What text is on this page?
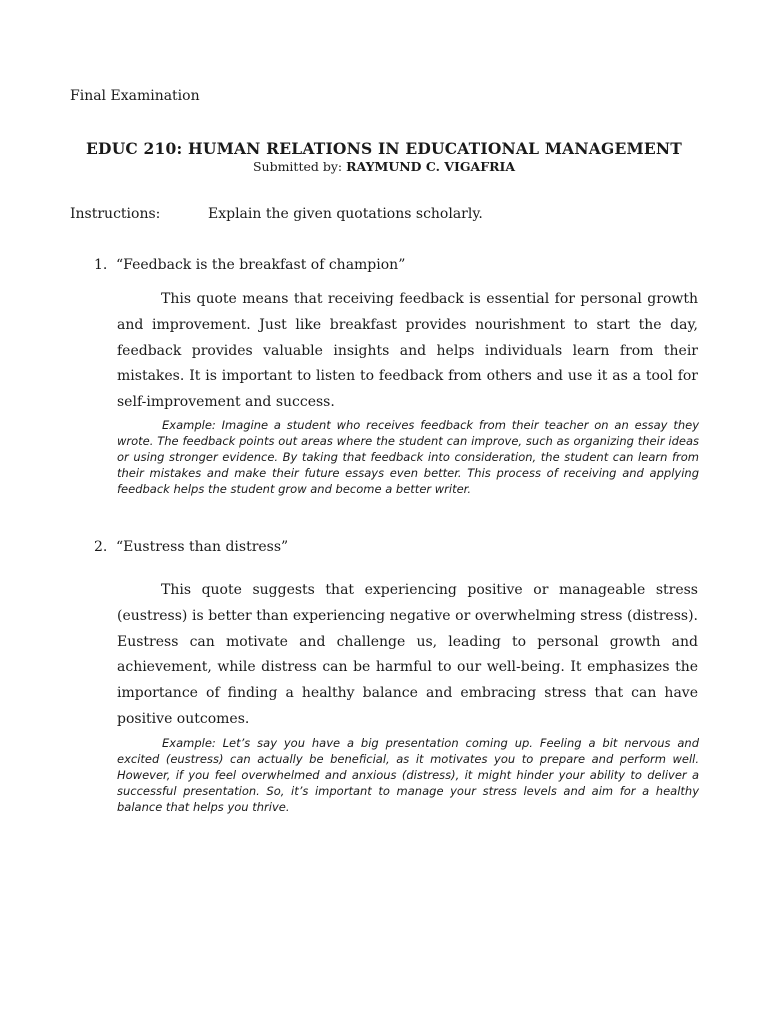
Final Examination
EDUC 210: HUMAN RELATIONS IN EDUCATIONAL MANAGEMENT
Submitted by: RAYMUND C. VIGAFRIA
Instructions:	Explain the given quotations scholarly.
1. “Feedback is the breakfast of champion”

This quote means that receiving feedback is essential for personal growth and improvement. Just like breakfast provides nourishment to start the day, feedback provides valuable insights and helps individuals learn from their mistakes. It is important to listen to feedback from others and use it as a tool for self-improvement and success.

Example: Imagine a student who receives feedback from their teacher on an essay they wrote. The feedback points out areas where the student can improve, such as organizing their ideas or using stronger evidence. By taking that feedback into consideration, the student can learn from their mistakes and make their future essays even better. This process of receiving and applying feedback helps the student grow and become a better writer.

2. “Eustress than distress”

This quote suggests that experiencing positive or manageable stress (eustress) is better than experiencing negative or overwhelming stress (distress). Eustress can motivate and challenge us, leading to personal growth and achievement, while distress can be harmful to our well-being. It emphasizes the importance of finding a healthy balance and embracing stress that can have positive outcomes.

Example: Let’s say you have a big presentation coming up. Feeling a bit nervous and excited (eustress) can actually be beneficial, as it motivates you to prepare and perform well. However, if you feel overwhelmed and anxious (distress), it might hinder your ability to deliver a successful presentation. So, it’s important to manage your stress levels and aim for a healthy balance that helps you thrive.
